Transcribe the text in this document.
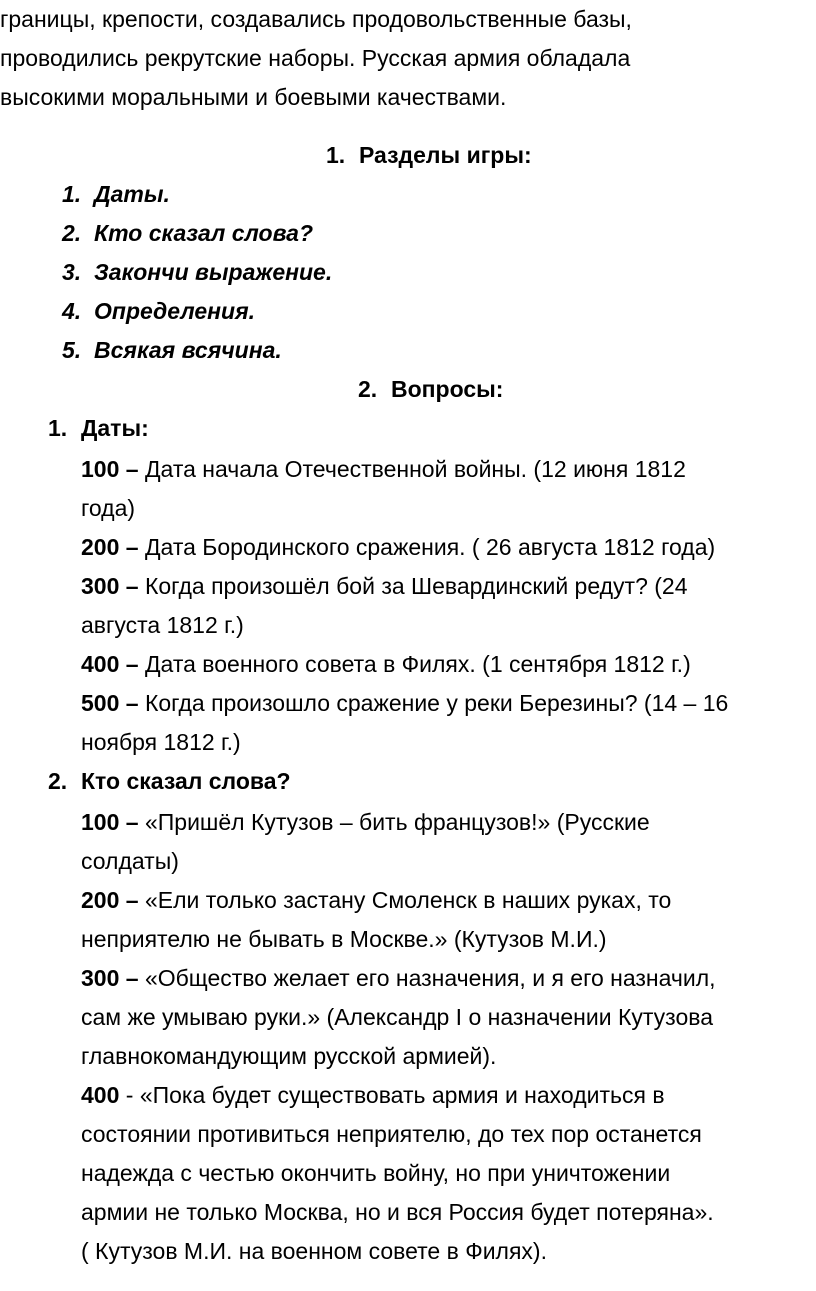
границы, крепости, создавались продовольственные базы,
проводились рекрутские наборы. Русская армия обладала
высокими моральными и боевыми качествами.
1. Разделы игры:
1. Даты.
2. Кто сказал слова?
3. Закончи выражение.
4. Определения.
5. Всякая всячина.
2. Вопросы:
1. Даты:
100 – Дата начала Отечественной войны. (12 июня 1812
года)
200 – Дата Бородинского сражения. ( 26 августа 1812 года)
300 – Когда произошёл бой за Шевардинский редут? (24
августа 1812 г.)
400 – Дата военного совета в Филях. (1 сентября 1812 г.)
500 – Когда произошло сражение у реки Березины? (14 – 16
ноября 1812 г.)
2. Кто сказал слова?
100 – «Пришёл Кутузов – бить французов!» (Русские
солдаты)
200 – «Ели только застану Смоленск в наших руках, то
неприятелю не бывать в Москве.» (Кутузов М.И.)
300 – «Общество желает его назначения, и я его назначил,
сам же умываю руки.» (Александр I о назначении Кутузова
главнокомандующим русской армией).
400 - «Пока будет существовать армия и находиться в
состоянии противиться неприятелю, до тех пор останется
надежда с честью окончить войну, но при уничтожении
армии не только Москва, но и вся Россия будет потеряна».
( Кутузов М.И. на военном совете в Филях).
